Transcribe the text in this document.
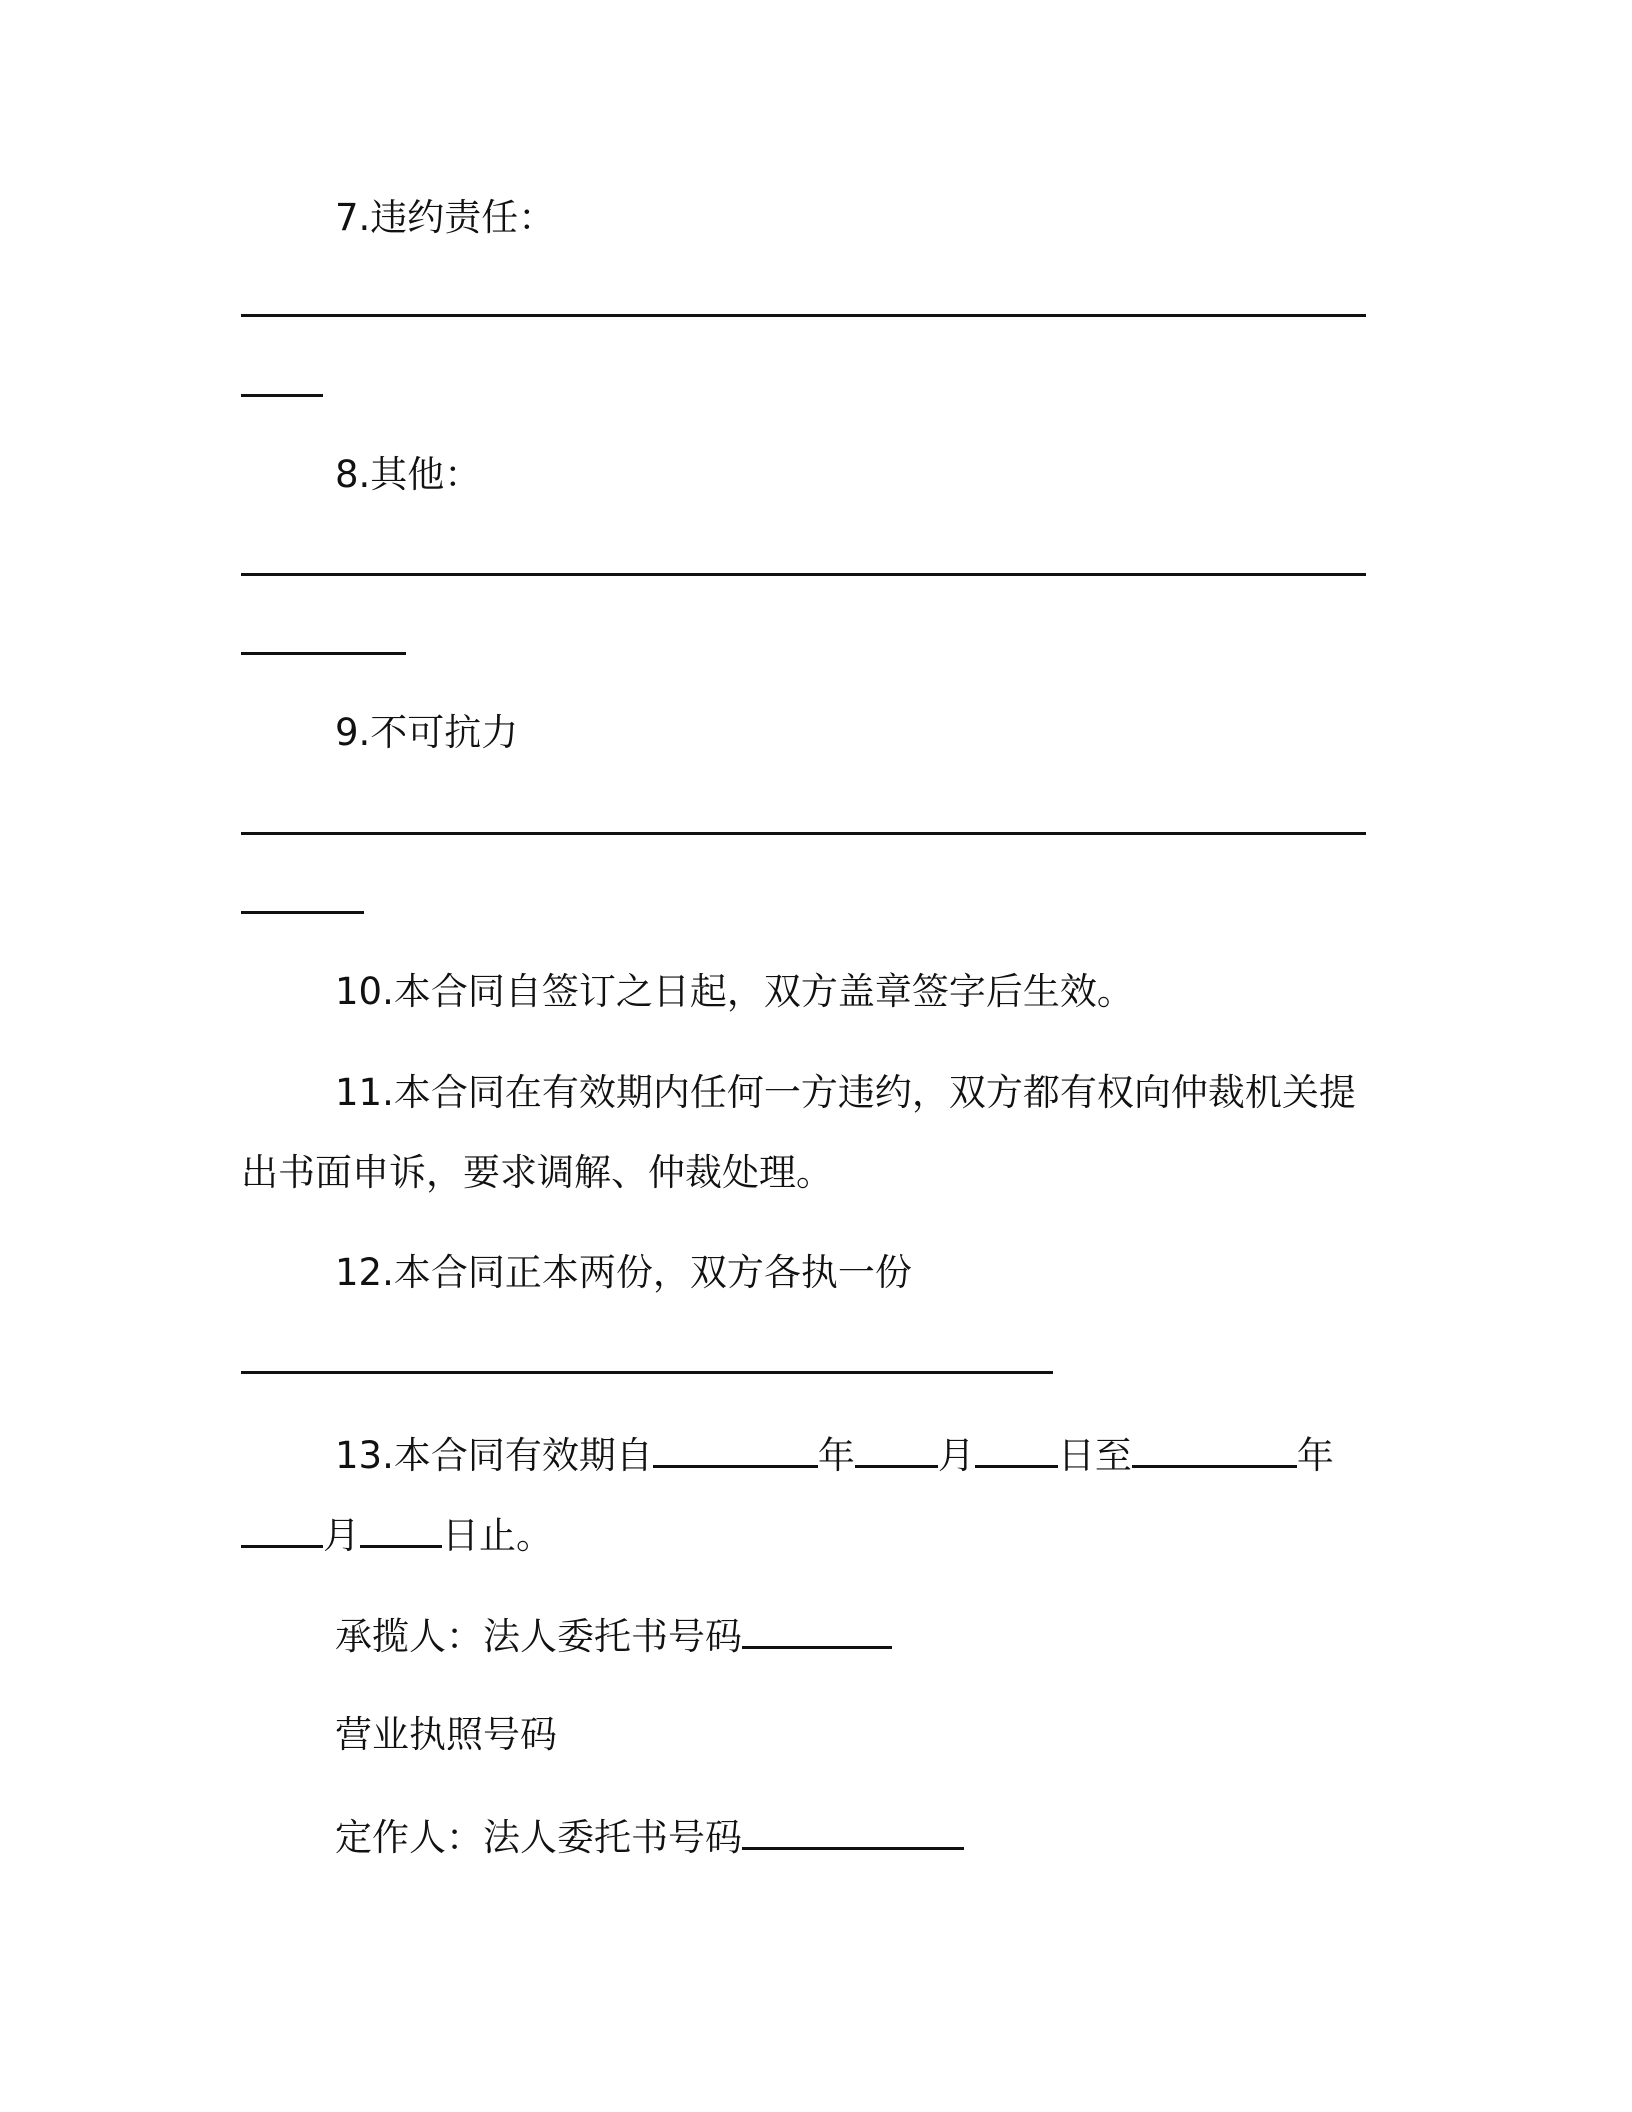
7.违约责任：
8.其他：
9.不可抗力
10.本合同自签订之日起，双方盖章签字后生效。
11.本合同在有效期内任何一方违约，双方都有权向仲裁机关提
出书面申诉，要求调解、仲裁处理。
12.本合同正本两份，双方各执一份
13.本合同有效期自	年 月 日至	年
月 日止。
承揽人：法人委托书号码
营业执照号码
定作人：法人委托书号码
